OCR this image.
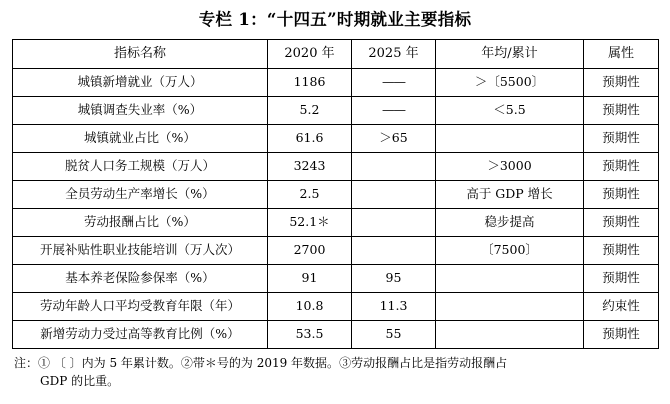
专栏 1：“十四五”时期就业主要指标
指标名称	2020 年	2025 年	年均/累计	属性
城镇新增就业（万人）	1186	——	＞〔5500〕	预期性
城镇调查失业率（%）	5.2	——	＜5.5	预期性
城镇就业占比（%）	61.6	＞65		预期性
脱贫人口务工规模（万人）	3243		＞3000	预期性
全员劳动生产率增长（%）	2.5		高于 GDP 增长	预期性
劳动报酬占比（%）	52.1＊		稳步提高	预期性
开展补贴性职业技能培训（万人次）	2700		〔7500〕	预期性
基本养老保险参保率（%）	91	95		预期性
劳动年龄人口平均受教育年限（年）	10.8	11.3		约束性
新增劳动力受过高等教育比例（%）	53.5	55		预期性
注：① 〔 〕内为 5 年累计数。②带＊号的为 2019 年数据。③劳动报酬占比是指劳动报酬占
GDP 的比重。
